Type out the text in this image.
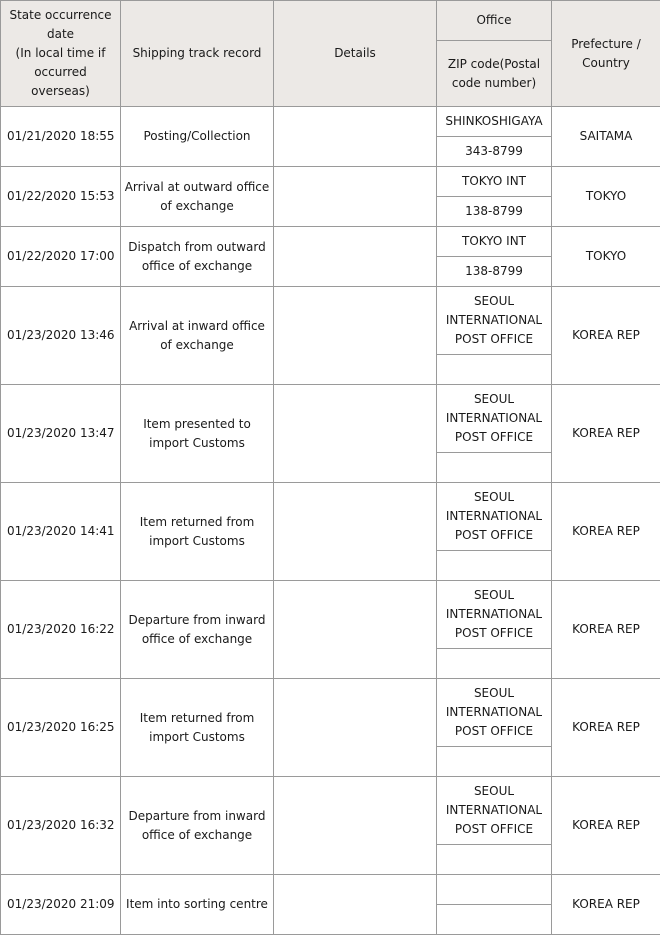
State occurrence date
(In local time if occurred overseas)	Shipping track record	Details	Office	Prefecture / Country
			ZIP code(Postal code number)	
01/21/2020 18:55	Posting/Collection		SHINKOSHIGAYA	SAITAMA
			343-8799	
01/22/2020 15:53	Arrival at outward office of exchange		TOKYO INT	TOKYO
			138-8799	
01/22/2020 17:00	Dispatch from outward office of exchange		TOKYO INT	TOKYO
			138-8799	
01/23/2020 13:46	Arrival at inward office of exchange		SEOUL INTERNATIONAL POST OFFICE	KOREA REP

01/23/2020 13:47	Item presented to import Customs		SEOUL INTERNATIONAL POST OFFICE	KOREA REP

01/23/2020 14:41	Item returned from import Customs		SEOUL INTERNATIONAL POST OFFICE	KOREA REP

01/23/2020 16:22	Departure from inward office of exchange		SEOUL INTERNATIONAL POST OFFICE	KOREA REP

01/23/2020 16:25	Item returned from import Customs		SEOUL INTERNATIONAL POST OFFICE	KOREA REP

01/23/2020 16:32	Departure from inward office of exchange		SEOUL INTERNATIONAL POST OFFICE	KOREA REP

01/23/2020 21:09	Item into sorting centre			KOREA REP
